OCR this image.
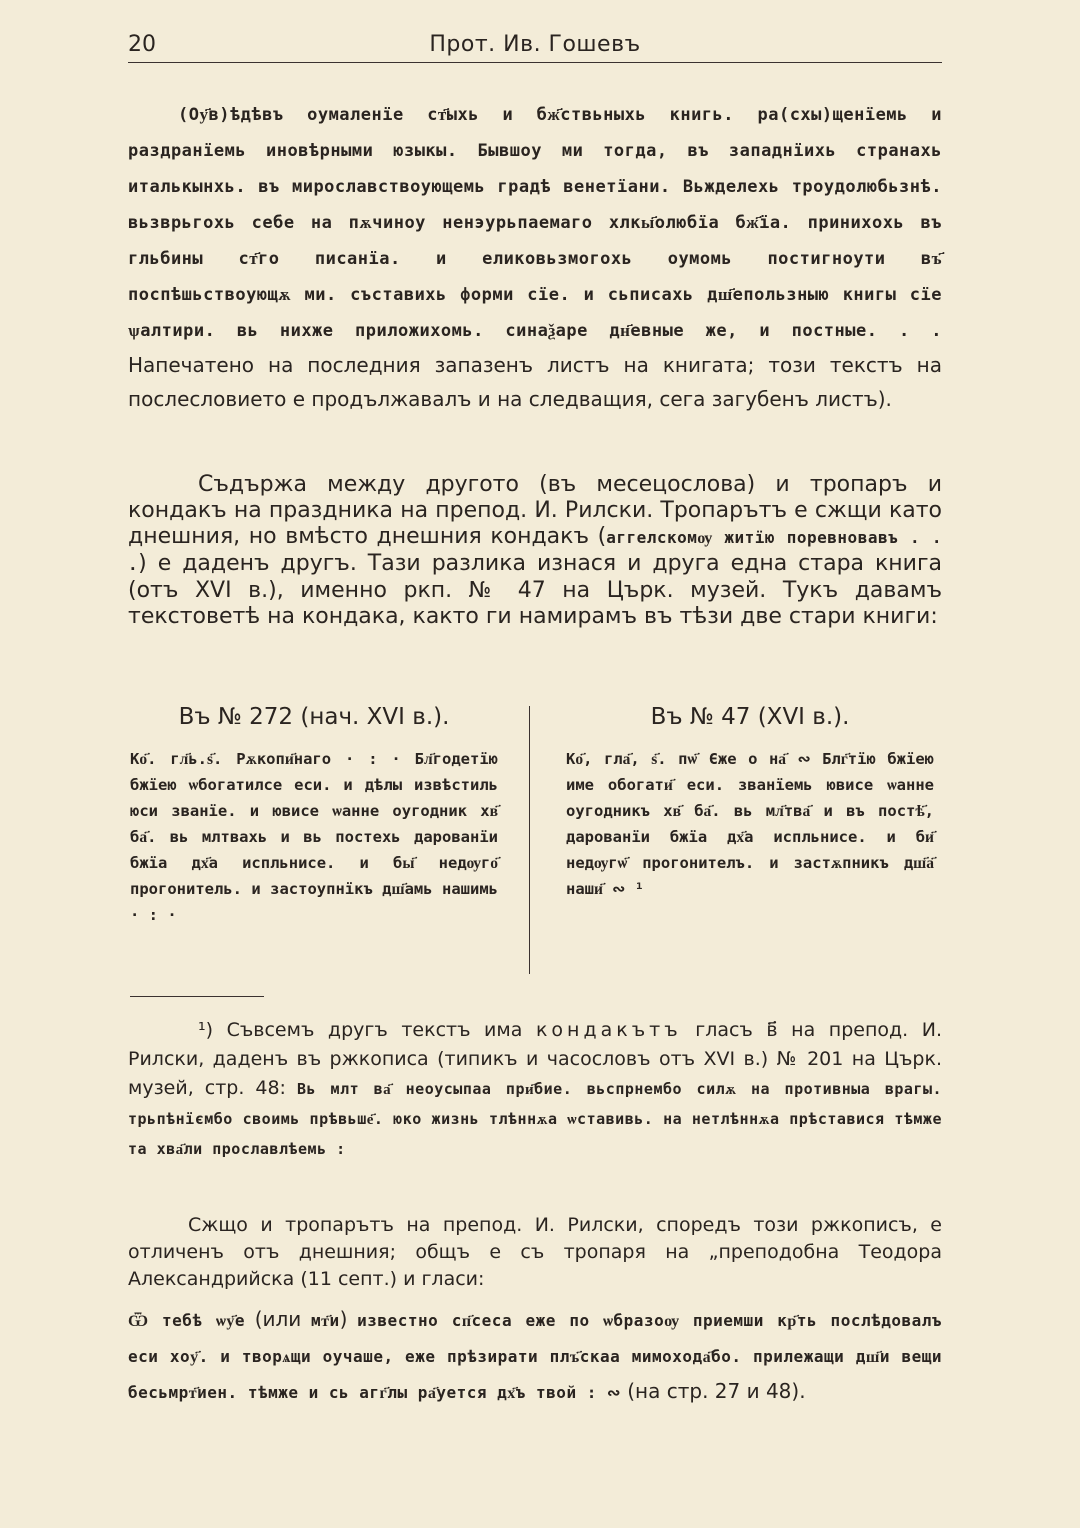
20	Прот. Ив. Гошевъ

(Оу҃в)ѣдѣвъ оумаленїе ст҃ыхь и бж҃ствьныхь книгь. ра(схы)щенїемь и раздранїемь иновѣрными юзыкы. Бывшоу ми тогда, въ западнїихь странахь италькынхь. въ мирославствоующемь градѣ венетїани. Вьжделехь троудолюбьзнѣ. вьзврьгохь себе на пѫчиноу ненэурьпаемаго хлкы҃олюбїа бж҃їа. принихохь въ гльбины ст҃го писанїа. и еликовьзмогохь оумомь постигноути въ҃ поспѣшьствоующѫ ми. съставихь форми сїе. и сьписахь дш҃епользныю книгы сїе ѱалтири. вь нихже приложихомь. синаѯаре дн҃евные же, и постные. . . Напечатено на последния запазенъ листъ на книгата; този текстъ на послесловието е продължавалъ и на следващия, сега загубенъ листъ).

Съдържа между другото (въ месецослова) и тропаръ и кондакъ на праздника на препод. И. Рилски. Тропарътъ е сжщи като днешния, но вмѣсто днешния кондакъ (аггелскомѹ житїю поревновавъ . . .) е даденъ другъ. Тази разлика изнася и друга една стара книга (отъ XVI в.), именно ркп. № 47 на Църк. музей. Тукъ давамъ текстоветѣ на кондака, както ги намирамъ въ тѣзи две стари книги:

Въ № 272 (нач. XVI в.).
Ко҃. гл҃ь.ѕ҃. Рѫкопи҃наго · : · Бл҃годетїю бжїею ѡбогатилсе еси. и дѣлы извѣстиль юси званїе. и ювисе ѡаннe оугодник хв҃ ба҃. вь млтвахь и вь постехь дарованїи бжїа дх҃а испльнисе. и бы҃ недѹго҃ прогонитель. и застоупнїкъ дш҃амь нашимь · : ·
Въ № 47 (XVI в.).
Ко҃, гла҃, ѕ҃. пѡ҃ Єже о на҃ ∾ Блг҃тїю бжїею име обогати҃ еси. званїемь ювисе ѡаннe оугодникъ хв҃ ба҃. вь мл҃тва҃ и въ постѣ҃, дарованїи бжїа дх҃а испльнисе. и би҃ недѹгѡ҃ прогонителъ. и застѫпникъ дш҃а҃ наши҃ ∾ ¹

¹) Съвсемъ другъ текстъ има кондакътъ гласъ в҃ на препод. И. Рилски, даденъ въ ржкописа (типикъ и часословъ отъ XVI в.) № 201 на Църк. музей, стр. 48: Вь млт ва҃ неоусыпаа при҃бие. вьспрнембо силѫ на противныа врагы. трьпѣнїємбо своимь прѣвьше҃. юко жизнь тлѣннѫа ѡставивь. на нетлѣннѫа прѣставися тѣмже та хва҃ли прославлѣемь :

Сжщо и тропарътъ на препод. И. Рилски, споредъ този ржкописъ, е отличенъ отъ днешния; общъ е съ тропаря на „преподобна Теодора Александрийска (11 септ.) и гласи:

Ѿ тебѣ ѡу҃е (или мт҃и) известно сп҃сеса еже по ѡбразоѹ приемши кр҃ть послѣдовалъ еси хоу҃. и творѧщи оучаше, еже прѣзирати плъ҃скаа мимохода҃бо. прилежащи дш҃и вещи бесьмрт҃иен. тѣмже и сь агг҃лы ра҃уется дх҃ъ твой : ∾ (на стр. 27 и 48).
